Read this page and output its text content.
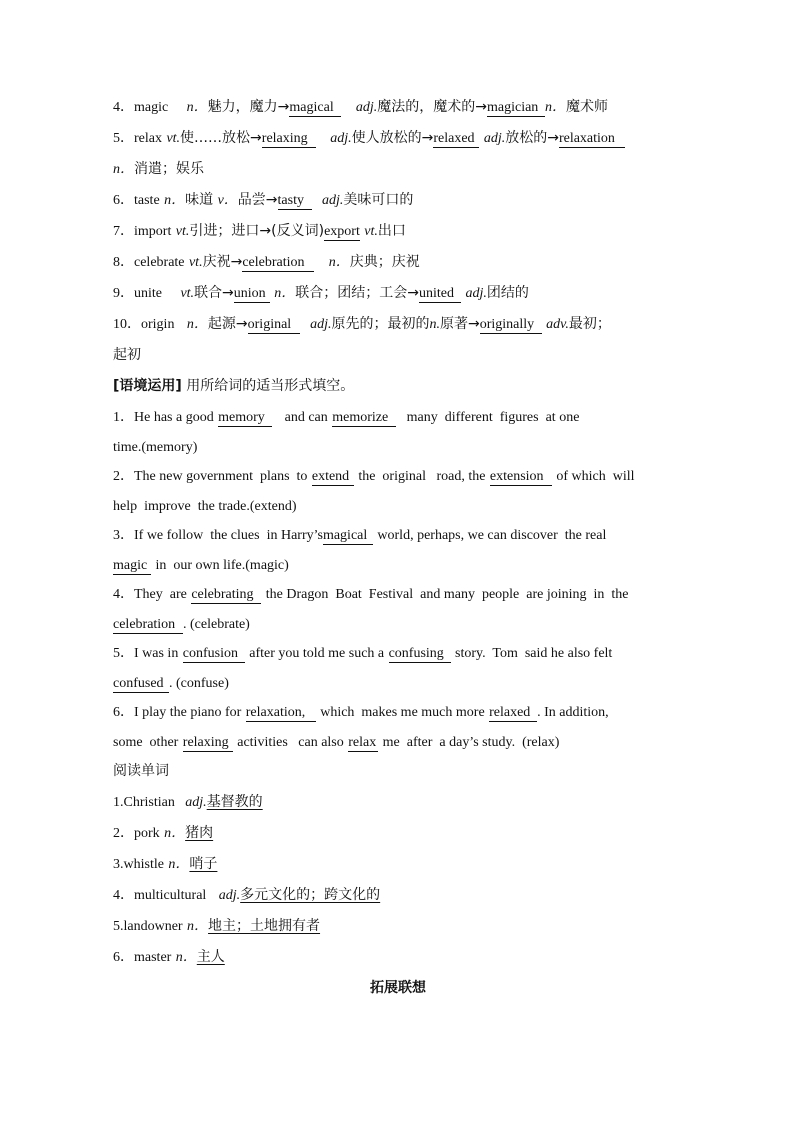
4．magic n．魅力，魔力→magical adj.魔法的，魔术的→magician n．魔术师
5．relax vt.使……放松→relaxing adj.使人放松的→relaxed adj.放松的→relaxation
n．消遣；娱乐
6．taste n．味道 v．品尝→tasty adj.美味可口的
7．import vt.引进；进口→(反义词)export vt.出口
8．celebrate vt.庆祝→celebration n．庆典；庆祝
9．unite vt.联合→union n．联合；团结；工会→united adj.团结的
10．origin n．起源→original adj.原先的；最初的n.原著→originally adv.最初；
起初
[语境运用] 用所给词的适当形式填空。
1．He has a good memory and can memorize many  different  figures  at one
time.(memory)
2．The new government  plans  to extend the  original   road, the extension of which  will
help  improve  the trade.(extend)
3．If we follow  the clues  in Harry’smagical world, perhaps, we can discover  the real
magic in  our own life.(magic)
4．They  are celebrating the Dragon  Boat  Festival  and many  people  are joining  in  the
celebration . (celebrate)
5．I was in confusion after you told me such a confusing story.  Tom  said he also felt
confused . (confuse)
6．I play the piano for relaxation, which  makes me much more relaxed . In addition,
some  other relaxing activities   can also relax me  after  a day’s study.  (relax)
阅读单词
1.Christian adj.基督教的
2．pork n．猪肉
3.whistle n．哨子
4．multicultural adj.多元文化的；跨文化的
5.landowner n．地主；土地拥有者
6．master n．主人
拓展联想
